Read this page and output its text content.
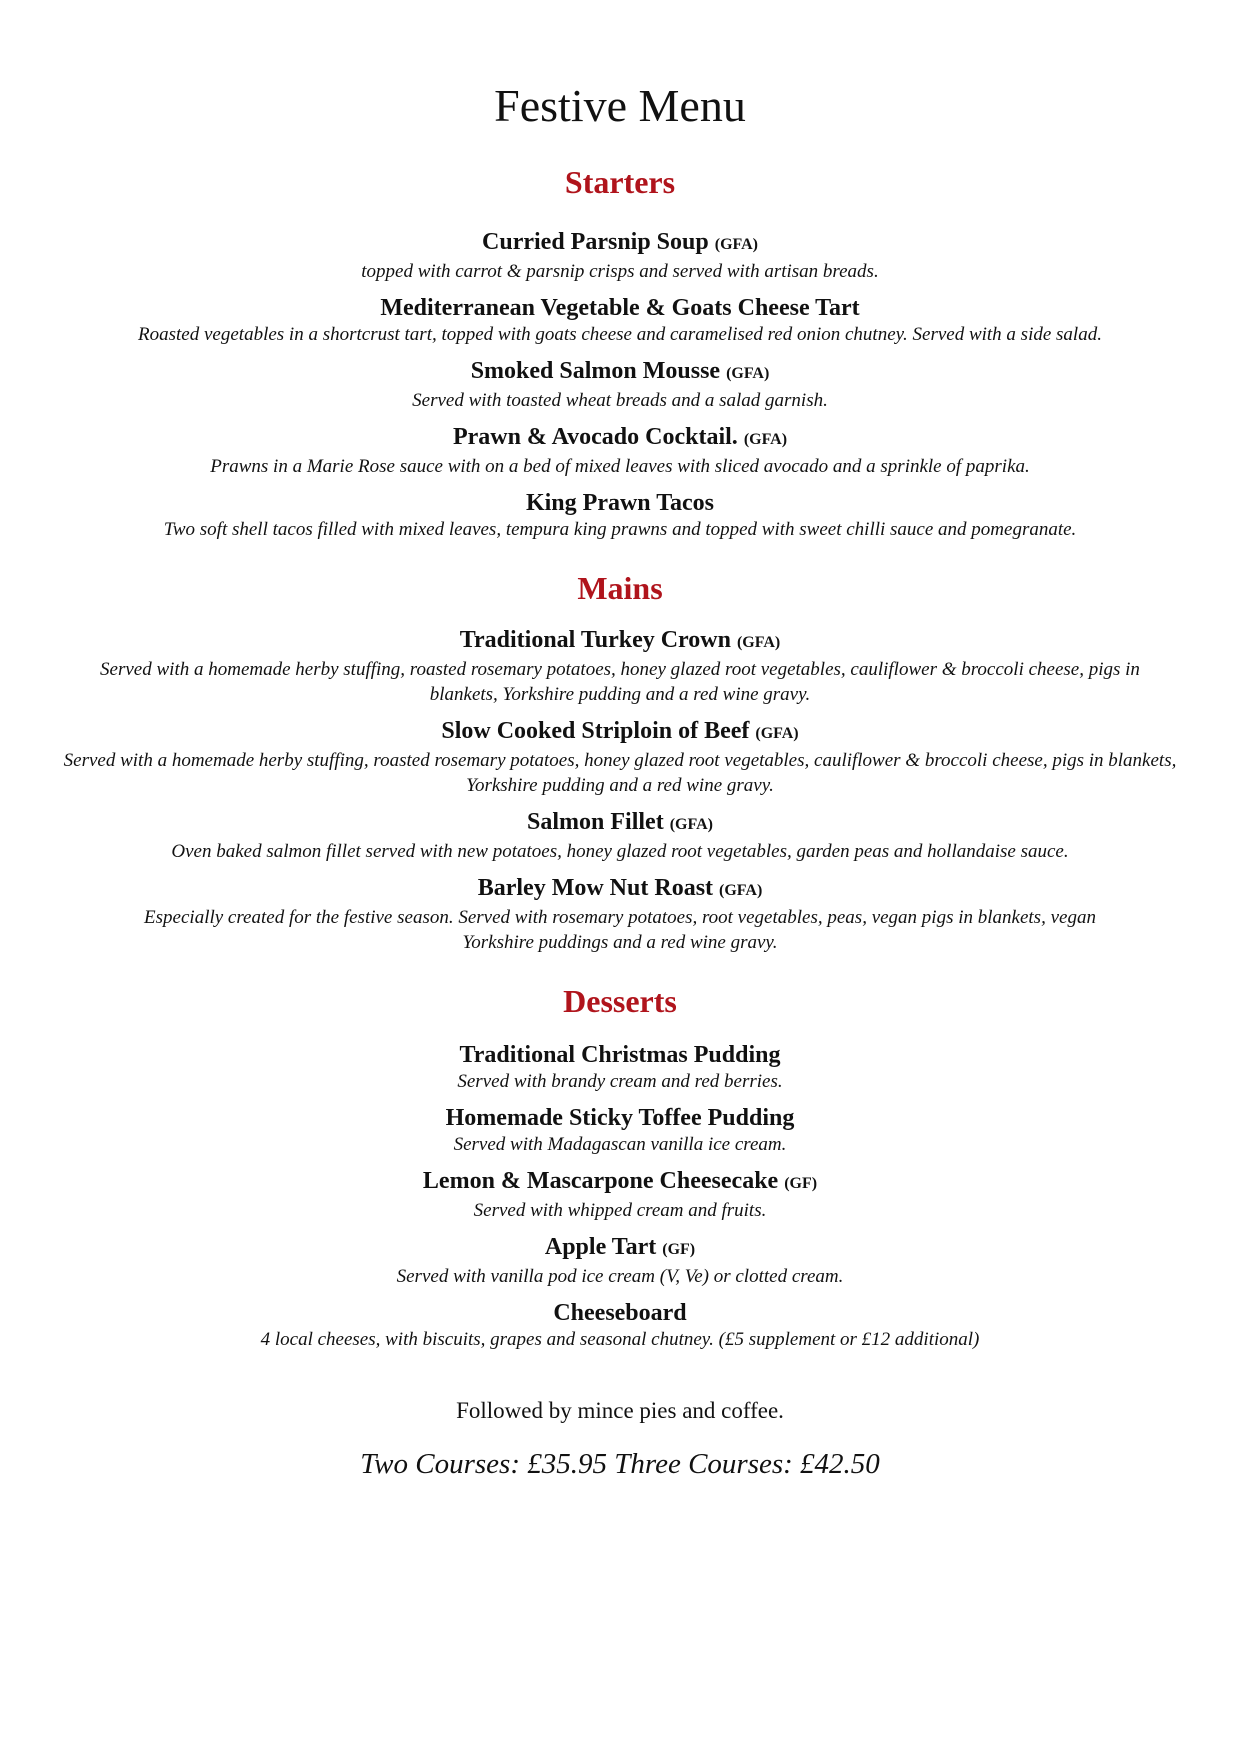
Festive Menu
Starters
Curried Parsnip Soup (GFA)
topped with carrot & parsnip crisps and served with artisan breads.
Mediterranean Vegetable & Goats Cheese Tart
Roasted vegetables in a shortcrust tart, topped with goats cheese and caramelised red onion chutney. Served with a side salad.
Smoked Salmon Mousse (GFA)
Served with toasted wheat breads and a salad garnish.
Prawn & Avocado Cocktail. (GFA)
Prawns in a Marie Rose sauce with on a bed of mixed leaves with sliced avocado and a sprinkle of paprika.
King Prawn Tacos
Two soft shell tacos filled with mixed leaves, tempura king prawns and topped with sweet chilli sauce and pomegranate.
Mains
Traditional Turkey Crown (GFA)
Served with a homemade herby stuffing, roasted rosemary potatoes, honey glazed root vegetables, cauliflower & broccoli cheese, pigs in blankets, Yorkshire pudding and a red wine gravy.
Slow Cooked Striploin of Beef (GFA)
Served with a homemade herby stuffing, roasted rosemary potatoes, honey glazed root vegetables, cauliflower & broccoli cheese, pigs in blankets, Yorkshire pudding and a red wine gravy.
Salmon Fillet (GFA)
Oven baked salmon fillet served with new potatoes, honey glazed root vegetables, garden peas and hollandaise sauce.
Barley Mow Nut Roast (GFA)
Especially created for the festive season. Served with rosemary potatoes, root vegetables, peas, vegan pigs in blankets, vegan Yorkshire puddings and a red wine gravy.
Desserts
Traditional Christmas Pudding
Served with brandy cream and red berries.
Homemade Sticky Toffee Pudding
Served with Madagascan vanilla ice cream.
Lemon & Mascarpone Cheesecake (GF)
Served with whipped cream and fruits.
Apple Tart (GF)
Served with vanilla pod ice cream (V, Ve) or clotted cream.
Cheeseboard
4 local cheeses, with biscuits, grapes and seasonal chutney. (£5 supplement or £12 additional)

Followed by mince pies and coffee.

Two Courses: £35.95 Three Courses: £42.50
